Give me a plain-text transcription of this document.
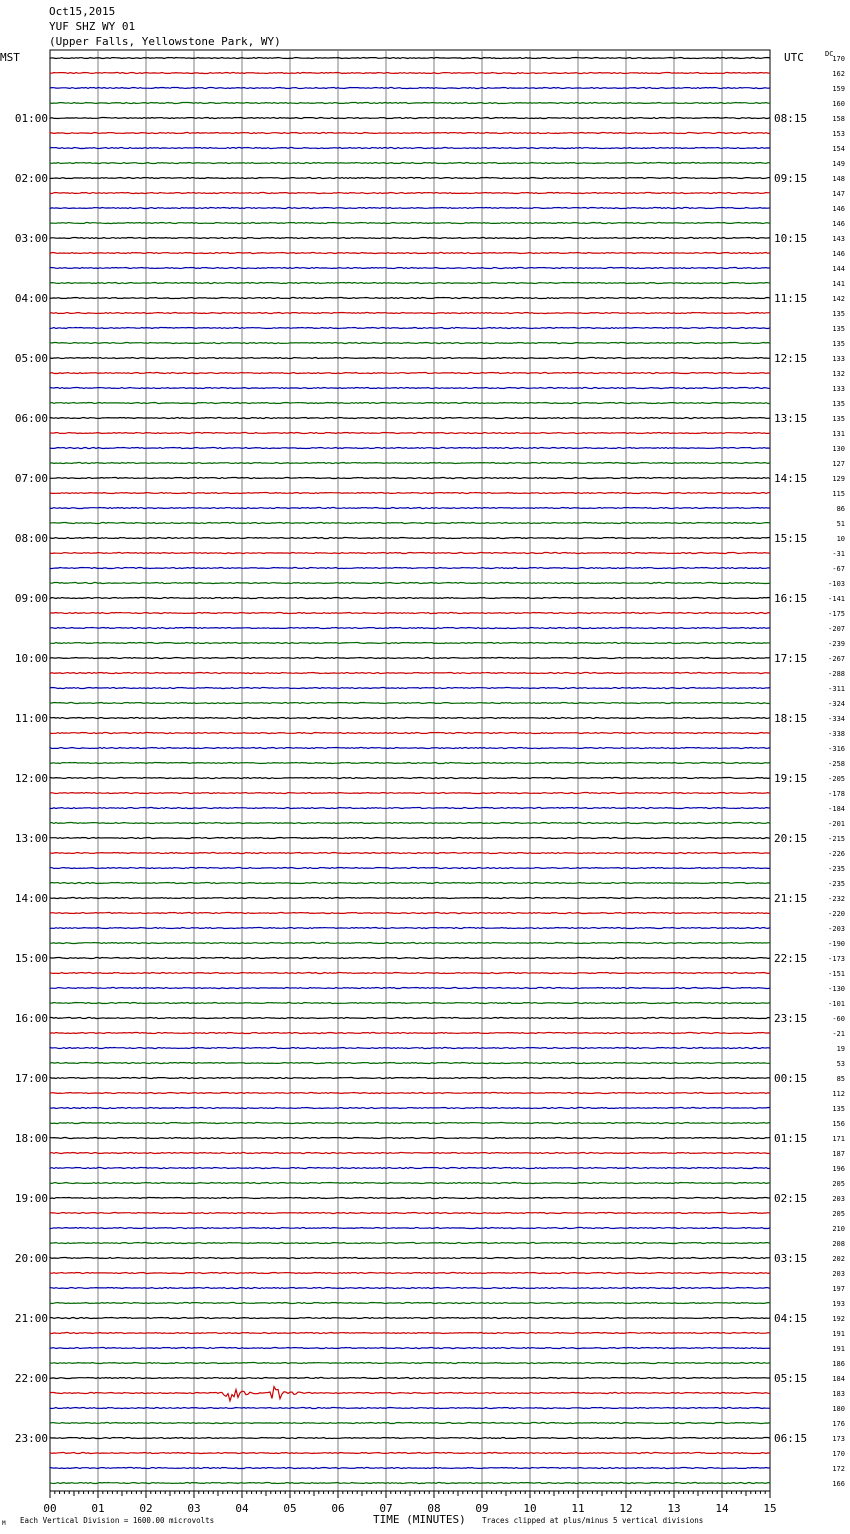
Oct15,2015
YUF SHZ WY 01
(Upper Falls, Yellowstone Park, WY)
MST	UTC	DC
TIME (MINUTES)
M Each Vertical Division = 1600.00 microvolts	Traces clipped at plus/minus 5 vertical divisions
00	01	02	03	04	05	06	07	08	09	10	11	12	13	14	15
170
162
159
160
158
153
154
149
148
147
146
146
143
146
144
141
142
135
135
135
133
132
133
135
135
131
130
127
129
115
86
51
10
-31
-67
-103
-141
-175
-207
-239
-267
-288
-311
-324
-334
-338
-316
-258
-205
-178
-184
-201
-215
-226
-235
-235
-232
-220
-203
-190
-173
-151
-130
-101
-60
-21
19
53
85
112
135
156
171
187
196
205
203
205
210
208
202
203
197
193
192
191
191
186
184
183
180
176
173
170
172
166
01:00
02:00
03:00
04:00
05:00
06:00
07:00
08:00
09:00
10:00
11:00
12:00
13:00
14:00
15:00
16:00
17:00
18:00
19:00
20:00
21:00
22:00
23:00
08:15
09:15
10:15
11:15
12:15
13:15
14:15
15:15
16:15
17:15
18:15
19:15
20:15
21:15
22:15
23:15
00:15
01:15
02:15
03:15
04:15
05:15
06:15
